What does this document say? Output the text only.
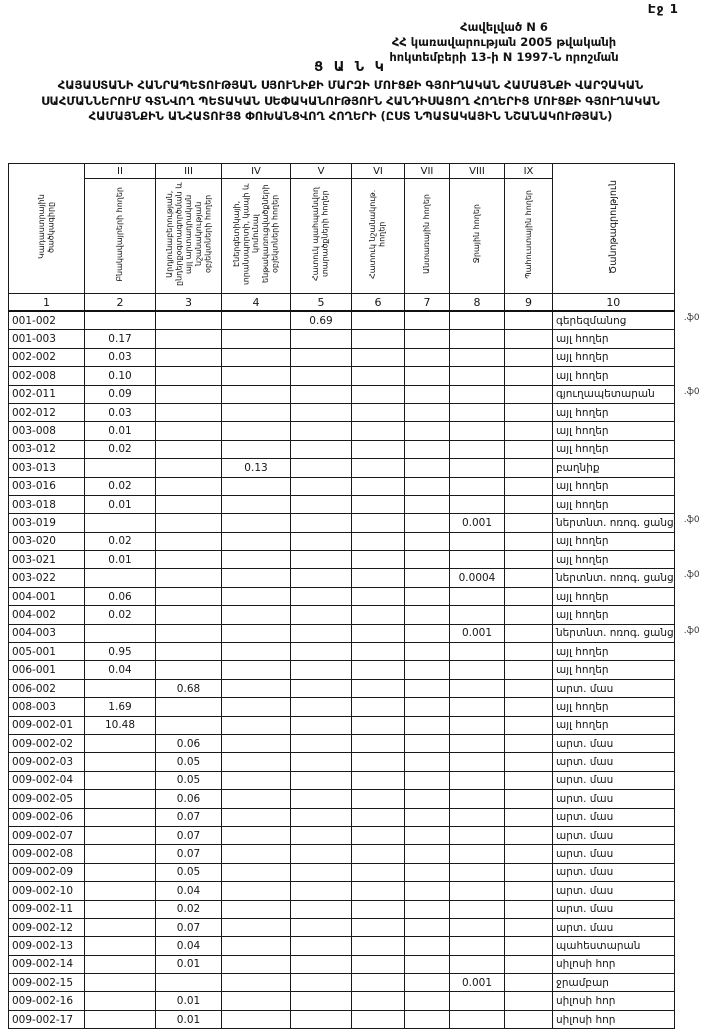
Էջ 1
Հավելված N 6
ՀՀ կառավարության 2005 թվականի
հոկտեմբերի 13-ի N 1997-Ն որոշման
Ց Ա Ն Կ
ՀԱՅԱՍՏԱՆԻ ՀԱՆՐԱՊԵՏՈՒԹՅԱՆ ՍՅՈՒՆԻՔԻ ՄԱՐԶԻ ՄՈՒՑՔԻ ԳՅՈՒՂԱԿԱՆ ՀԱՄԱՅՆՔԻ ՎԱՐՉԱԿԱՆ ՍԱՀՄԱՆՆԵՐՈՒՄ ԳՏՆՎՈՂ ՊԵՏԱԿԱՆ ՍԵՓԱԿԱՆՈՒԹՅՈՒՆ ՀԱՆԴԻՍԱՑՈՂ ՀՈՂԵՐԻՑ ՄՈՒՑՔԻ ԳՅՈՒՂԱԿԱՆ ՀԱՄԱՅՆՔԻՆ ԱՆՀԱՏՈՒՅՑ ՓՈԽԱՆՑՎՈՂ ՀՈՂԵՐԻ (ԸՍՏ ՆՊԱՏԱԿԱՅԻՆ ՆՇԱՆԱԿՈՒԹՅԱՆ)
Կադաստրային ծածկագիրը	II	III	IV	V	VI	VII	VIII	IX	Ծանոթագրություն
	Բնակավայրերի հողեր	Արդյունաբերության, ընդերքօգտագործման և այլ արտադրական նշանակության օբյեկտների հողեր	Էներգետիկայի, տրանսպորտի, կապի և կոմունալ ենթակառուցվածքների օբյեկտների հողեր	Հատուկ պահպանվող տարածքների հողեր	Հատուկ նշանակութ. հողեր	Անտառային հողեր	Ջրային հողեր	Պահուստային հողեր	
1	2	3	4	5	6	7	8	9	10
001-002				0.69					գերեզմանոց .ֆ0

001-003	0.17								այլ հողեր
002-002	0.03								այլ հողեր
002-008	0.10								այլ հողեր
002-011	0.09								գյուղապետարան .ֆ0

002-012	0.03								այլ հողեր
003-008	0.01								այլ հողեր
003-012	0.02								այլ հողեր
003-013			0.13						բաղնիք
003-016	0.02								այլ հողեր
003-018	0.01								այլ հողեր
003-019							0.001		ներտնտ. ոռոգ. ցանց .ֆ0

003-020	0.02								այլ հողեր
003-021	0.01								այլ հողեր
003-022							0.0004		ներտնտ. ոռոգ. ցանց .ֆ0

004-001	0.06								այլ հողեր
004-002	0.02								այլ հողեր
004-003							0.001		ներտնտ. ոռոգ. ցանց .ֆ0

005-001	0.95								այլ հողեր
006-001	0.04								այլ հողեր
006-002		0.68							արտ. մաս
008-003	1.69								այլ հողեր
009-002-01	10.48								այլ հողեր
009-002-02		0.06							արտ. մաս
009-002-03		0.05							արտ. մաս
009-002-04		0.05							արտ. մաս
009-002-05		0.06							արտ. մաս
009-002-06		0.07							արտ. մաս
009-002-07		0.07							արտ. մաս
009-002-08		0.07							արտ. մաս
009-002-09		0.05							արտ. մաս
009-002-10		0.04							արտ. մաս
009-002-11		0.02							արտ. մաս
009-002-12		0.07							արտ. մաս
009-002-13		0.04							պահեստարան
009-002-14		0.01							սիլոսի հոր
009-002-15							0.001		ջրամբար
009-002-16		0.01							սիլոսի հոր
009-002-17		0.01							սիլոսի հոր
